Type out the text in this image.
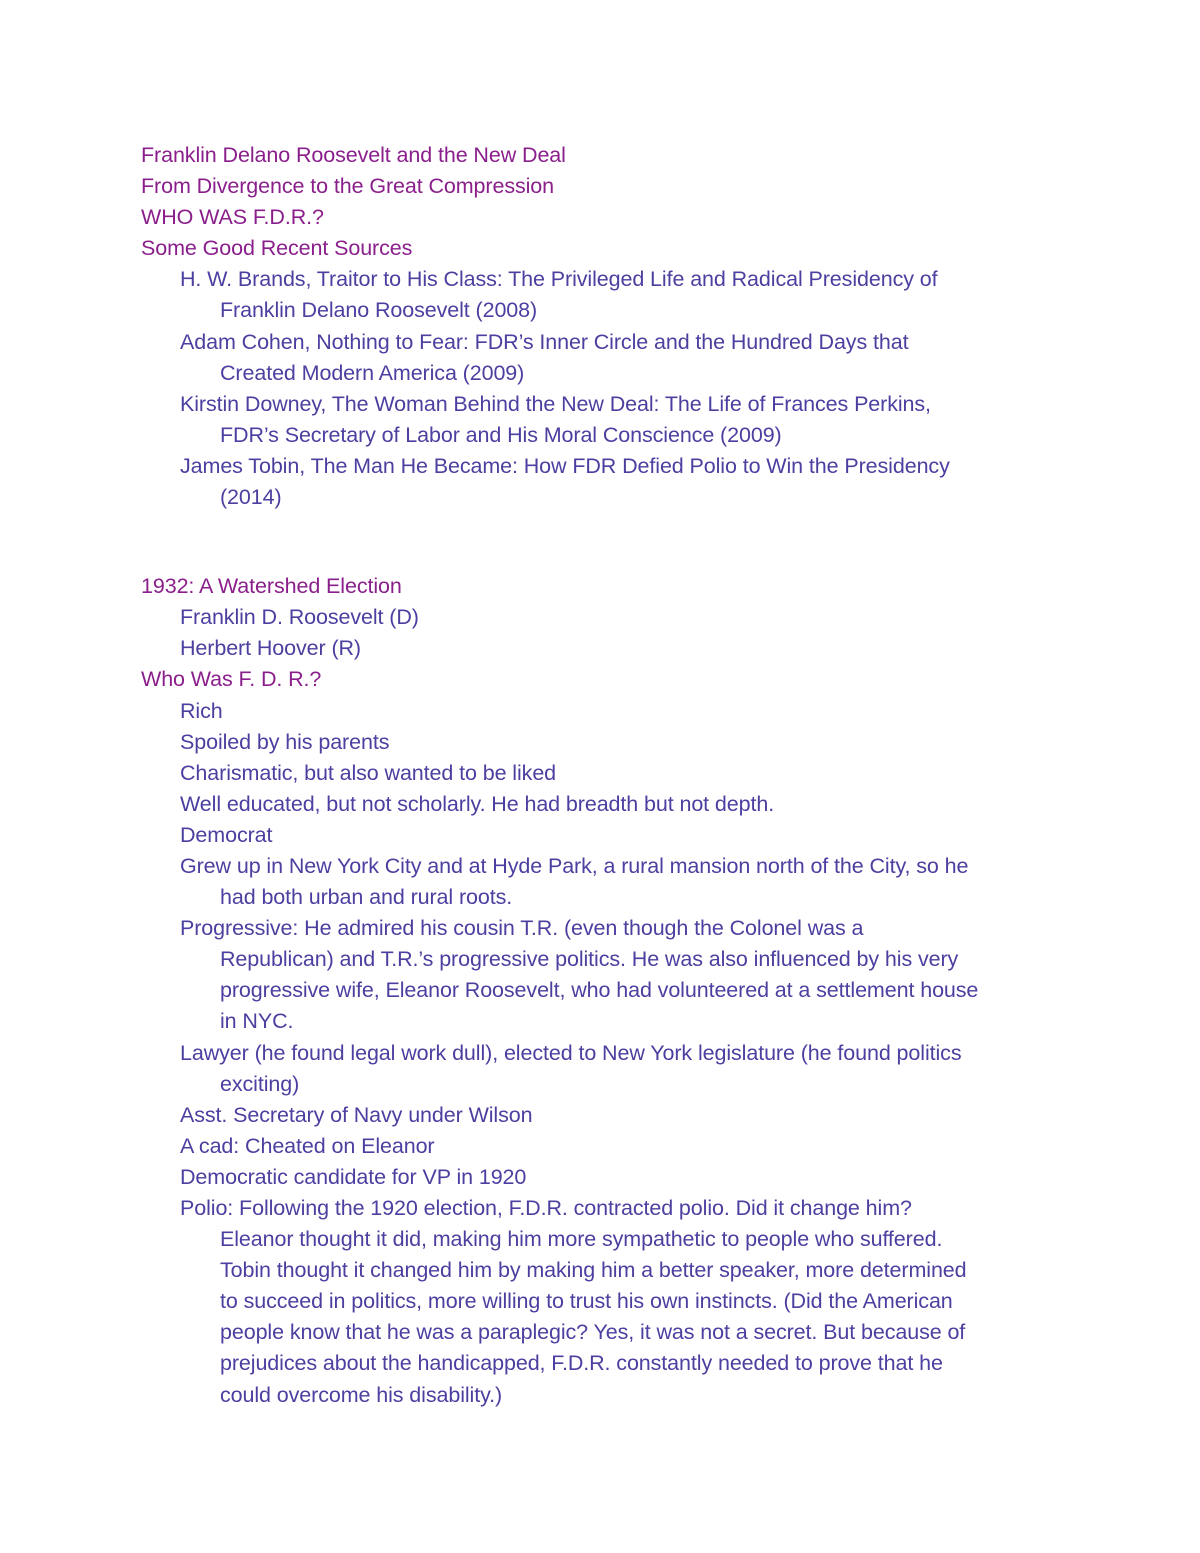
Franklin Delano Roosevelt and the New Deal
From Divergence to the Great Compression
WHO WAS F.D.R.?
Some Good Recent Sources
H. W. Brands, Traitor to His Class: The Privileged Life and Radical Presidency of
Franklin Delano Roosevelt (2008)
Adam Cohen, Nothing to Fear: FDR’s Inner Circle and the Hundred Days that
Created Modern America (2009)
Kirstin Downey, The Woman Behind the New Deal: The Life of Frances Perkins,
FDR’s Secretary of Labor and His Moral Conscience (2009)
James Tobin, The Man He Became: How FDR Defied Polio to Win the Presidency
(2014)
1932: A Watershed Election
Franklin D. Roosevelt (D)
Herbert Hoover (R)
Who Was F. D. R.?
Rich
Spoiled by his parents
Charismatic, but also wanted to be liked
Well educated, but not scholarly. He had breadth but not depth.
Democrat
Grew up in New York City and at Hyde Park, a rural mansion north of the City, so he
had both urban and rural roots.
Progressive: He admired his cousin T.R. (even though the Colonel was a
Republican) and T.R.’s progressive politics. He was also influenced by his very
progressive wife, Eleanor Roosevelt, who had volunteered at a settlement house
in NYC.
Lawyer (he found legal work dull), elected to New York legislature (he found politics
exciting)
Asst. Secretary of Navy under Wilson
A cad: Cheated on Eleanor
Democratic candidate for VP in 1920
Polio: Following the 1920 election, F.D.R. contracted polio. Did it change him?
Eleanor thought it did, making him more sympathetic to people who suffered.
Tobin thought it changed him by making him a better speaker, more determined
to succeed in politics, more willing to trust his own instincts. (Did the American
people know that he was a paraplegic? Yes, it was not a secret. But because of
prejudices about the handicapped, F.D.R. constantly needed to prove that he
could overcome his disability.)
